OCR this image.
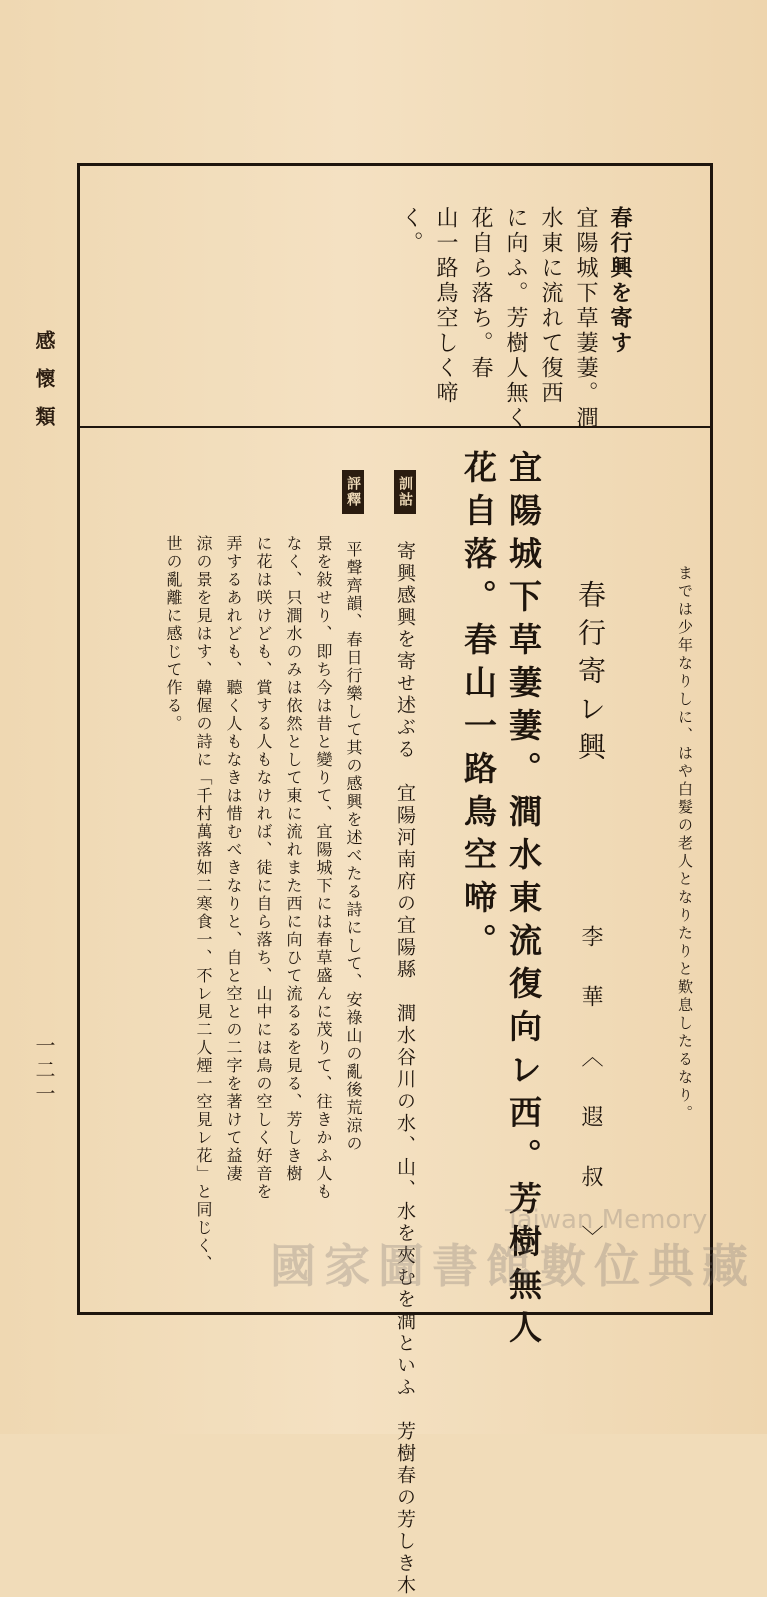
感懷類
一二一
春行興を寄す
宜陽城下草萋萋。澗
水東に流れて復西
に向ふ。芳樹人無く
花自ら落ち。春
山一路鳥空しく啼
く。
までは少年なりしに、はや白髮の老人となりたりと歎息したるなり。
春行寄レ興
李華〈遐叔〉
宜陽城下草萋萋。澗水東流復向レ西。芳樹無人
花自落。春山一路鳥空啼。
訓詁 寄興感興を寄せ述ぶる　宜陽河南府の宜陽縣　澗水谷川の水、山、水を夾むを澗といふ　芳樹春の芳しき木
評釋 平聲齊韻、春日行樂して其の感興を述べたる詩にして、安祿山の亂後荒涼の
景を敍せり、即ち今は昔と變りて、宜陽城下には春草盛んに茂りて、往きかふ人も
なく、只澗水のみは依然として東に流れまた西に向ひて流るるを見る、芳しき樹
に花は咲けども、賞する人もなければ、徒に自ら落ち、山中には鳥の空しく好音を
弄するあれども、聽く人もなきは惜むべきなりと、自と空との二字を著けて益凄
涼の景を見はす、韓偓の詩に「千村萬落如二寒食一、不レ見二人煙一空見レ花」と同じく、
世の亂離に感じて作る。
Taiwan Memory
國家圖書館數位典藏
